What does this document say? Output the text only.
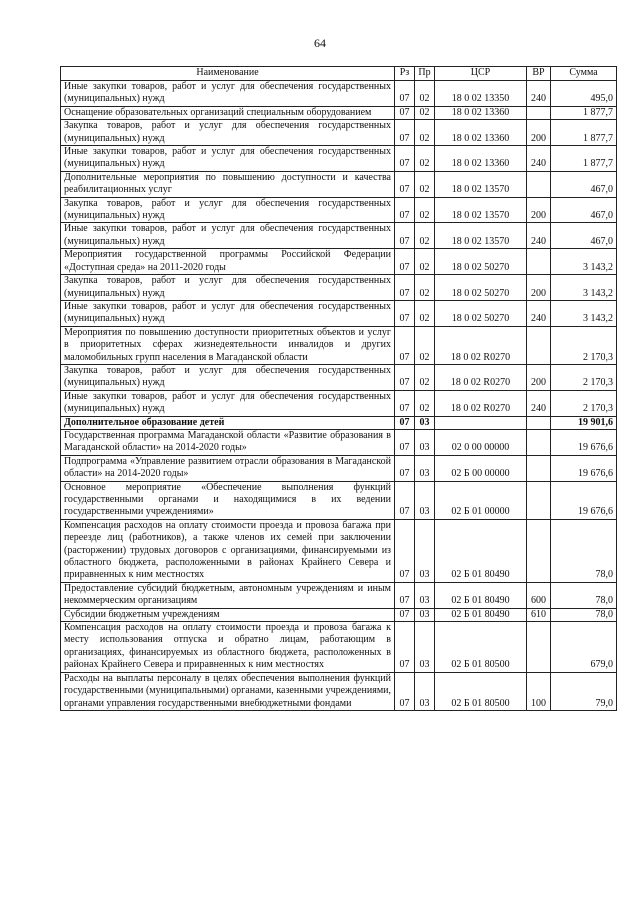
64
Наименование	Рз	Пр	ЦСР	ВР	Сумма
Иные закупки товаров, работ и услуг для обеспечения государственных (муниципальных) нужд	07	02	18 0 02 13350	240	495,0
Оснащение образовательных организаций специальным оборудованием	07	02	18 0 02 13360		1 877,7
Закупка товаров, работ и услуг для обеспечения государственных (муниципальных) нужд	07	02	18 0 02 13360	200	1 877,7
Иные закупки товаров, работ и услуг для обеспечения государственных (муниципальных) нужд	07	02	18 0 02 13360	240	1 877,7
Дополнительные мероприятия по повышению доступности и качества реабилитационных услуг	07	02	18 0 02 13570		467,0
Закупка товаров, работ и услуг для обеспечения государственных (муниципальных) нужд	07	02	18 0 02 13570	200	467,0
Иные закупки товаров, работ и услуг для обеспечения государственных (муниципальных) нужд	07	02	18 0 02 13570	240	467,0
Мероприятия государственной программы Российской Федерации «Доступная среда» на 2011-2020 годы	07	02	18 0 02 50270		3 143,2
Закупка товаров, работ и услуг для обеспечения государственных (муниципальных) нужд	07	02	18 0 02 50270	200	3 143,2
Иные закупки товаров, работ и услуг для обеспечения государственных (муниципальных) нужд	07	02	18 0 02 50270	240	3 143,2
Мероприятия по повышению доступности приоритетных объектов и услуг в приоритетных сферах жизнедеятельности инвалидов и других маломобильных групп населения в Магаданской области	07	02	18 0 02 R0270		2 170,3
Закупка товаров, работ и услуг для обеспечения государственных (муниципальных) нужд	07	02	18 0 02 R0270	200	2 170,3
Иные закупки товаров, работ и услуг для обеспечения государственных (муниципальных) нужд	07	02	18 0 02 R0270	240	2 170,3
Дополнительное образование детей	07	03			19 901,6
Государственная программа Магаданской области «Развитие образования в Магаданской области» на 2014-2020 годы»	07	03	02 0 00 00000		19 676,6
Подпрограмма «Управление развитием отрасли образования в Магаданской области» на 2014-2020 годы»	07	03	02 Б 00 00000		19 676,6
Основное мероприятие «Обеспечение выполнения функций государственными органами и находящимися в их ведении государственными учреждениями»	07	03	02 Б 01 00000		19 676,6
Компенсация расходов на оплату стоимости проезда и провоза багажа при переезде лиц (работников), а также членов их семей при заключении (расторжении) трудовых договоров с организациями, финансируемыми из областного бюджета, расположенными в районах Крайнего Севера и приравненных к ним местностях	07	03	02 Б 01 80490		78,0
Предоставление субсидий бюджетным, автономным учреждениям и иным некоммерческим организациям	07	03	02 Б 01 80490	600	78,0
Субсидии бюджетным учреждениям	07	03	02 Б 01 80490	610	78,0
Компенсация расходов на оплату стоимости проезда и провоза багажа к месту использования отпуска и обратно лицам, работающим в организациях, финансируемых из областного бюджета, расположенных в районах Крайнего Севера и приравненных к ним местностях	07	03	02 Б 01 80500		679,0
Расходы на выплаты персоналу в целях обеспечения выполнения функций государственными (муниципальными) органами, казенными учреждениями, органами управления государственными внебюджетными фондами	07	03	02 Б 01 80500	100	79,0
